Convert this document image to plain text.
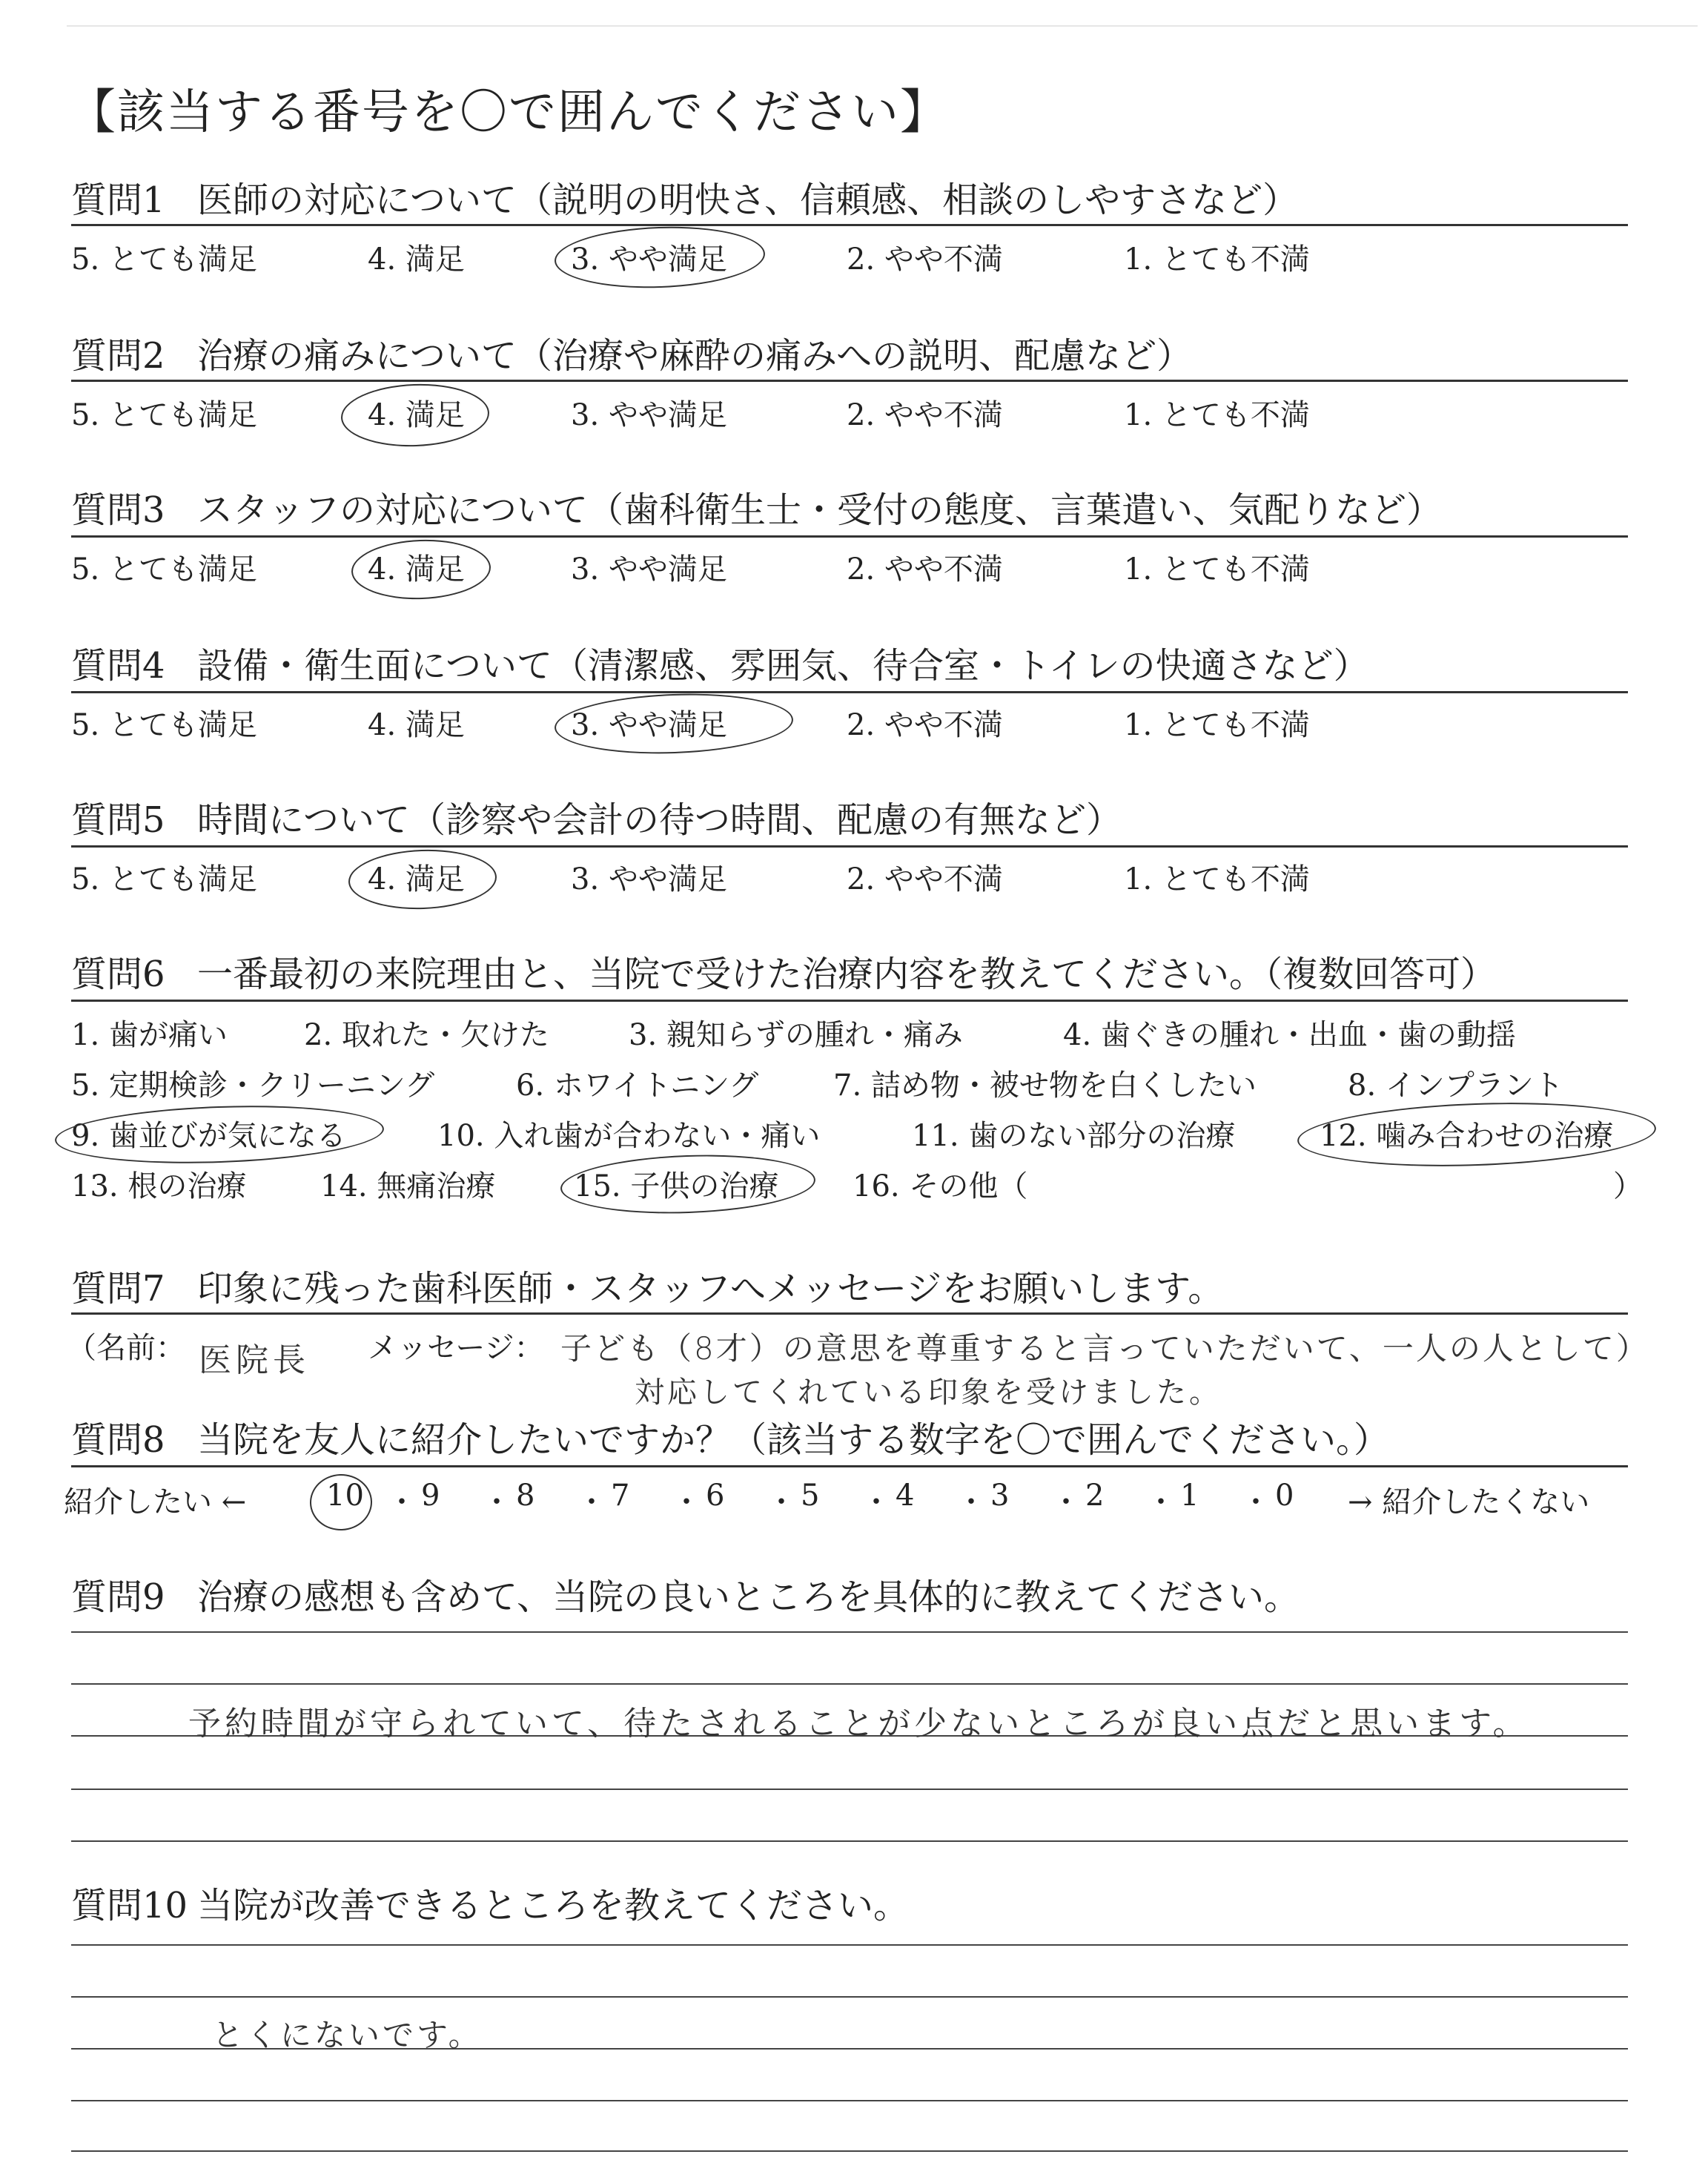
【該当する番号を〇で囲んでください】
質問1 医師の対応について（説明の明快さ、信頼感、相談のしやすさなど）
5. とても満足	4. 満足	3. やや満足	2. やや不満	1. とても不満
質問2 治療の痛みについて（治療や麻酔の痛みへの説明、配慮など）
5. とても満足	4. 満足	3. やや満足	2. やや不満	1. とても不満
質問3 スタッフの対応について（歯科衛生士・受付の態度、言葉遣い、気配りなど）
5. とても満足	4. 満足	3. やや満足	2. やや不満	1. とても不満
質問4 設備・衛生面について（清潔感、雰囲気、待合室・トイレの快適さなど）
5. とても満足	4. 満足	3. やや満足	2. やや不満	1. とても不満
質問5 時間について（診察や会計の待つ時間、配慮の有無など）
5. とても満足	4. 満足	3. やや満足	2. やや不満	1. とても不満
質問6 一番最初の来院理由と、当院で受けた治療内容を教えてください。（複数回答可）
1. 歯が痛い	2. 取れた・欠けた	3. 親知らずの腫れ・痛み	4. 歯ぐきの腫れ・出血・歯の動揺
5. 定期検診・クリーニング	6. ホワイトニング	7. 詰め物・被せ物を白くしたい	8. インプラント
9. 歯並びが気になる	10. 入れ歯が合わない・痛い	11. 歯のない部分の治療	12. 噛み合わせの治療
13. 根の治療 14. 無痛治療	15. 子供の治療 16. その他（	）
質問7 印象に残った歯科医師・スタッフへメッセージをお願いします。
（名前： 医院長 メッセージ： 子ども（8才）の意思を尊重すると言っていただいて、一人の人として）
対応してくれている印象を受けました。
質問8 当院を友人に紹介したいですか？（該当する数字を〇で囲んでください。）
紹介したい ←	10 ・ 9 ・ 8 ・ 7 ・ 6 ・ 5 ・ 4 ・ 3 ・ 2 ・ 1 ・ 0 → 紹介したくない
質問9 治療の感想も含めて、当院の良いところを具体的に教えてください。
予約時間が守られていて、待たされることが少ないところが良い点だと思います。
質問10 当院が改善できるところを教えてください。
とくにないです。
